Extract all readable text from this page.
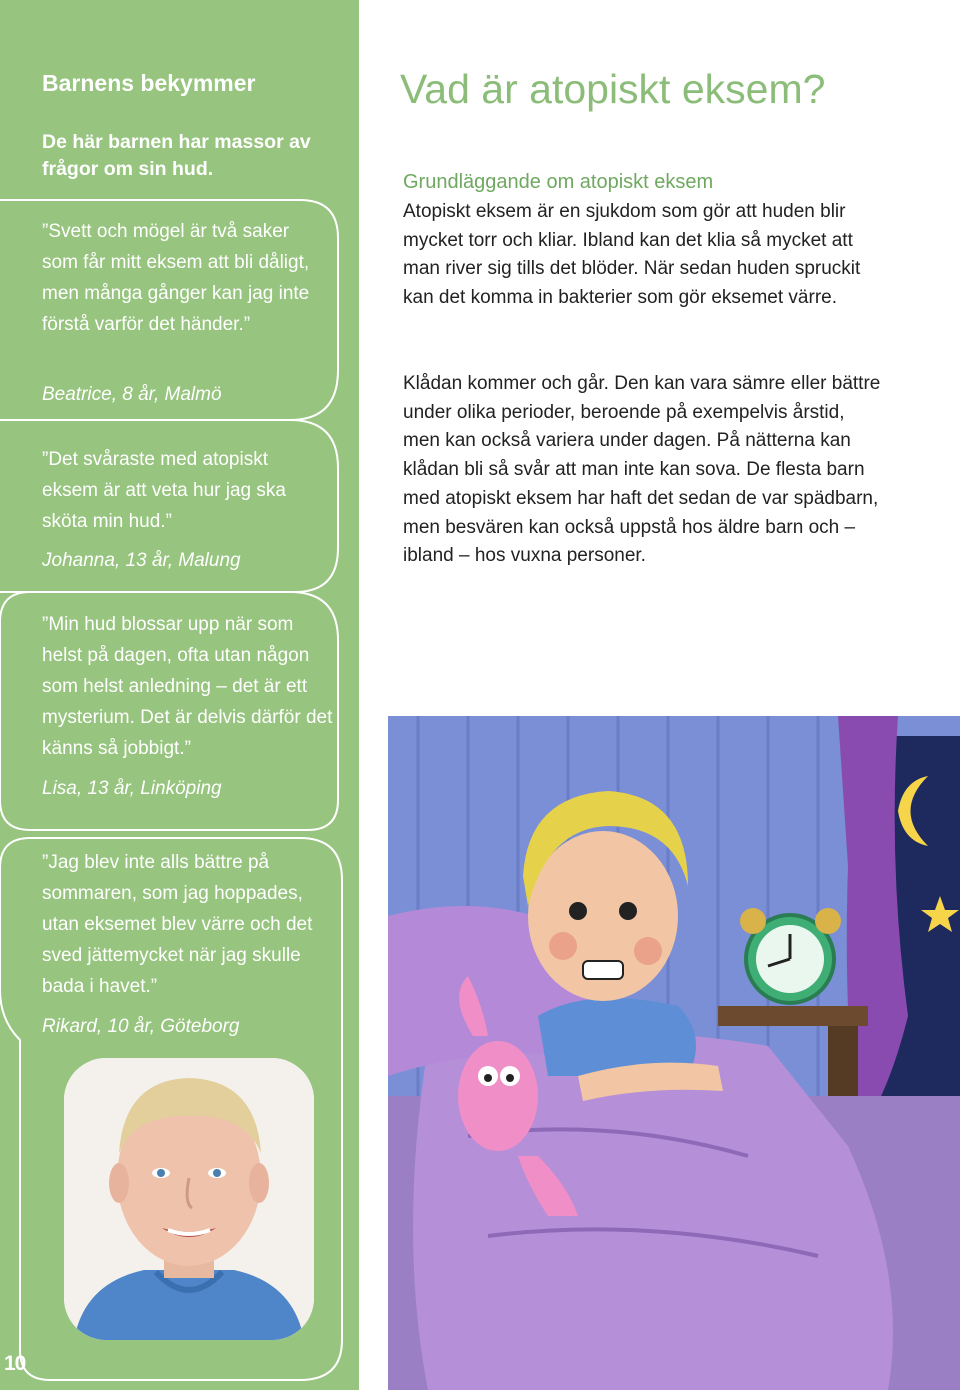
Barnens bekymmer
De här barnen har massor av frågor om sin hud.
”Svett och mögel är två saker som får mitt eksem att bli dåligt, men många gånger kan jag inte förstå varför det händer.”
Beatrice, 8 år, Malmö
”Det svåraste med atopiskt eksem är att veta hur jag ska sköta min hud.”
Johanna, 13 år, Malung
”Min hud blossar upp när som helst på dagen, ofta utan någon som helst anledning – det är ett mysterium. Det är delvis därför det känns så jobbigt.”
Lisa, 13 år, Linköping
”Jag blev inte alls bättre på sommaren, som jag hoppades, utan eksemet blev värre och det sved jättemycket när jag skulle bada i havet.”
Rikard, 10 år, Göteborg
10
Vad är atopiskt eksem?
Grundläggande om atopiskt eksem
Atopiskt eksem är en sjukdom som gör att huden blir mycket torr och kliar. Ibland kan det klia så mycket att man river sig tills det blöder. När sedan huden spruckit kan det komma in bakterier som gör eksemet värre.
Klådan kommer och går. Den kan vara sämre eller bättre under olika perioder, beroende på exempelvis årstid, men kan också variera under dagen. På nätterna kan klådan bli så svår att man inte kan sova. De flesta barn med atopiskt eksem har haft det sedan de var spädbarn, men besvären kan också uppstå hos äldre barn och – ibland – hos vuxna personer.
